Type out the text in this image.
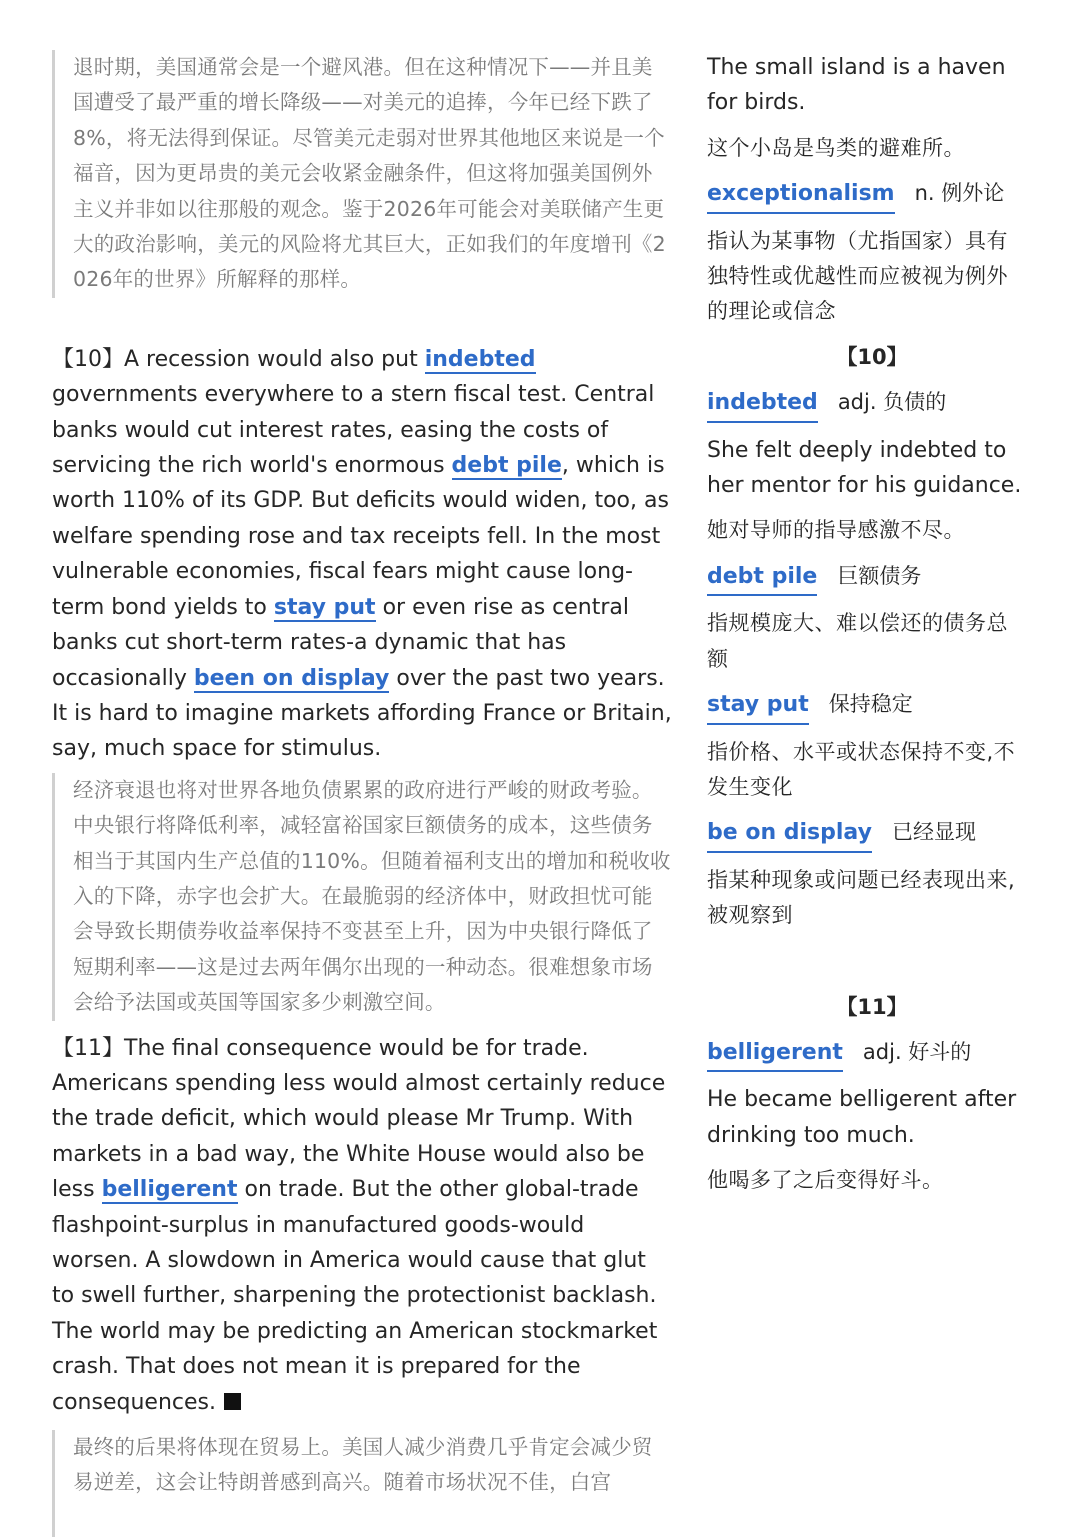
退时期，美国通常会是一个避风港。但在这种情况下——并且美国遭受了最严重的增长降级——对美元的追捧，今年已经下跌了8%，将无法得到保证。尽管美元走弱对世界其他地区来说是一个福音，因为更昂贵的美元会收紧金融条件，但这将加强美国例外主义并非如以往那般的观念。鉴于2026年可能会对美联储产生更大的政治影响，美元的风险将尤其巨大，正如我们的年度增刊《2026年的世界》所解释的那样。

【10】A recession would also put indebted governments everywhere to a stern fiscal test. Central banks would cut interest rates, easing the costs of servicing the rich world's enormous debt pile, which is worth 110% of its GDP. But deficits would widen, too, as welfare spending rose and tax receipts fell. In the most vulnerable economies, fiscal fears might cause long-term bond yields to stay put or even rise as central banks cut short-term rates-a dynamic that has occasionally been on display over the past two years. It is hard to imagine markets affording France or Britain, say, much space for stimulus.

经济衰退也将对世界各地负债累累的政府进行严峻的财政考验。中央银行将降低利率，减轻富裕国家巨额债务的成本，这些债务相当于其国内生产总值的110%。但随着福利支出的增加和税收收入的下降，赤字也会扩大。在最脆弱的经济体中，财政担忧可能会导致长期债券收益率保持不变甚至上升，因为中央银行降低了短期利率——这是过去两年偶尔出现的一种动态。很难想象市场会给予法国或英国等国家多少刺激空间。

【11】The final consequence would be for trade. Americans spending less would almost certainly reduce the trade deficit, which would please Mr Trump. With markets in a bad way, the White House would also be less belligerent on trade. But the other global-trade flashpoint-surplus in manufactured goods-would worsen. A slowdown in America would cause that glut to swell further, sharpening the protectionist backlash. The world may be predicting an American stockmarket crash. That does not mean it is prepared for the consequences.

最终的后果将体现在贸易上。美国人减少消费几乎肯定会减少贸易逆差，这会让特朗普感到高兴。随着市场状况不佳，白宫

The small island is a haven for birds.

这个小岛是鸟类的避难所。

exceptionalism n. 例外论

指认为某事物（尤指国家）具有独特性或优越性而应被视为例外的理论或信念

【10】
indebted adj. 负债的

She felt deeply indebted to her mentor for his guidance.

她对导师的指导感激不尽。

debt pile 巨额债务

指规模庞大、难以偿还的债务总额

stay put 保持稳定

指价格、水平或状态保持不变,不发生变化

be on display 已经显现

指某种现象或问题已经表现出来,被观察到

【11】
belligerent adj. 好斗的

He became belligerent after drinking too much.

他喝多了之后变得好斗。
